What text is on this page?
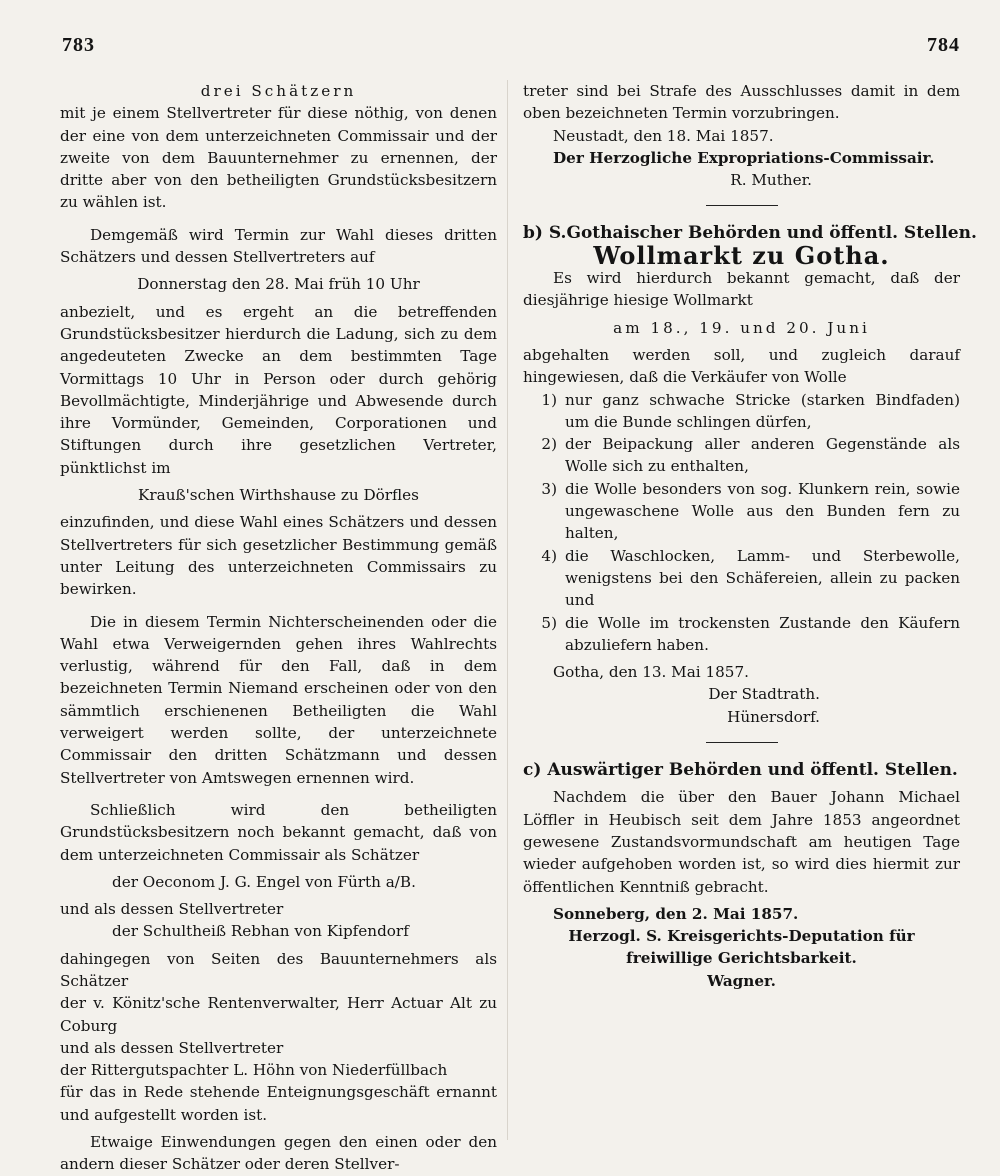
783	784

drei Schätzern

mit je einem Stellvertreter für diese nöthig, von denen der eine von dem unterzeichneten Commissair und der zweite von dem Bauunternehmer zu ernennen, der dritte aber von den betheiligten Grundstücksbesitzern zu wählen ist.

Demgemäß wird Termin zur Wahl dieses dritten Schätzers und dessen Stellvertreters auf

Donnerstag den 28. Mai früh 10 Uhr

anbezielt, und es ergeht an die betreffenden Grundstücksbesitzer hierdurch die Ladung, sich zu dem angedeuteten Zwecke an dem bestimmten Tage Vormittags 10 Uhr in Person oder durch gehörig Bevollmächtigte, Minderjährige und Abwesende durch ihre Vormünder, Gemeinden, Corporationen und Stiftungen durch ihre gesetzlichen Vertreter, pünktlichst im

Krauß'schen Wirthshause zu Dörfles

einzufinden, und diese Wahl eines Schätzers und dessen Stellvertreters für sich gesetzlicher Bestimmung gemäß unter Leitung des unterzeichneten Commissairs zu bewirken.

Die in diesem Termin Nichterscheinenden oder die Wahl etwa Verweigernden gehen ihres Wahlrechts verlustig, während für den Fall, daß in dem bezeichneten Termin Niemand erscheinen oder von den sämmtlich erschienenen Betheiligten die Wahl verweigert werden sollte, der unterzeichnete Commissair den dritten Schätzmann und dessen Stellvertreter von Amtswegen ernennen wird.

Schließlich wird den betheiligten Grundstücksbesitzern noch bekannt gemacht, daß von dem unterzeichneten Commissair als Schätzer

der Oeconom J. G. Engel von Fürth a/B.

und als dessen Stellvertreter

der Schultheiß Rebhan von Kipfendorf

dahingegen von Seiten des Bauunternehmers als Schätzer

der v. Könitz'sche Rentenverwalter, Herr Actuar Alt zu Coburg

und als dessen Stellvertreter

der Rittergutspachter L. Höhn von Niederfüllbach

für das in Rede stehende Enteignungsgeschäft ernannt und aufgestellt worden ist.

Etwaige Einwendungen gegen den einen oder den andern dieser Schätzer oder deren Stellver-

treter sind bei Strafe des Ausschlusses damit in dem oben bezeichneten Termin vorzubringen.

Neustadt, den 18. Mai 1857.

Der Herzogliche Expropriations-Commissair.

R. Muther.

b) S.Gothaischer Behörden und öffentl. Stellen.

Wollmarkt zu Gotha.

Es wird hierdurch bekannt gemacht, daß der diesjährige hiesige Wollmarkt

am 18., 19. und 20. Juni

abgehalten werden soll, und zugleich darauf hingewiesen, daß die Verkäufer von Wolle

1) nur ganz schwache Stricke (starken Bindfaden) um die Bunde schlingen dürfen,
2) der Beipackung aller anderen Gegenstände als Wolle sich zu enthalten,
3) die Wolle besonders von sog. Klunkern rein, sowie ungewaschene Wolle aus den Bunden fern zu halten,
4) die Waschlocken, Lamm- und Sterbewolle, wenigstens bei den Schäfereien, allein zu packen und
5) die Wolle im trockensten Zustande den Käufern abzuliefern haben.

Gotha, den 13. Mai 1857.

Der Stadtrath.

Hünersdorf.

c) Auswärtiger Behörden und öffentl. Stellen.

Nachdem die über den Bauer Johann Michael Löffler in Heubisch seit dem Jahre 1853 angeordnet gewesene Zustandsvormundschaft am heutigen Tage wieder aufgehoben worden ist, so wird dies hiermit zur öffentlichen Kenntniß gebracht.

Sonneberg, den 2. Mai 1857.

Herzogl. S. Kreisgerichts-Deputation für freiwillige Gerichtsbarkeit.

Wagner.
